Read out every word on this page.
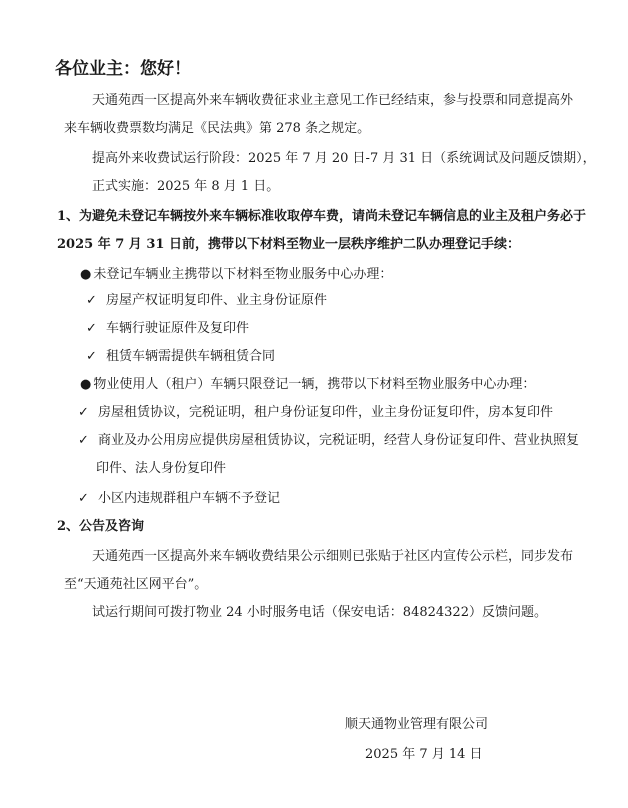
各位业主：您好！
天通苑西一区提高外来车辆收费征求业主意见工作已经结束，参与投票和同意提高外
来车辆收费票数均满足《民法典》第 278 条之规定。
提高外来收费试运行阶段：2025 年 7 月 20 日-7 月 31 日（系统调试及问题反馈期），
正式实施：2025 年 8 月 1 日。
1、为避免未登记车辆按外来车辆标准收取停车费，请尚未登记车辆信息的业主及租户务必于
2025 年 7 月 31 日前，携带以下材料至物业一层秩序维护二队办理登记手续：
● 未登记车辆业主携带以下材料至物业服务中心办理：
✓ 房屋产权证明复印件、业主身份证原件
✓ 车辆行驶证原件及复印件
✓ 租赁车辆需提供车辆租赁合同
● 物业使用人（租户）车辆只限登记一辆，携带以下材料至物业服务中心办理：
✓ 房屋租赁协议，完税证明，租户身份证复印件，业主身份证复印件，房本复印件
✓ 商业及办公用房应提供房屋租赁协议，完税证明，经营人身份证复印件、营业执照复
印件、法人身份复印件
✓ 小区内违规群租户车辆不予登记
2、公告及咨询
天通苑西一区提高外来车辆收费结果公示细则已张贴于社区内宣传公示栏，同步发布
至“天通苑社区网平台”。
试运行期间可拨打物业 24 小时服务电话（保安电话：84824322）反馈问题。
顺天通物业管理有限公司
2025 年 7 月 14 日
